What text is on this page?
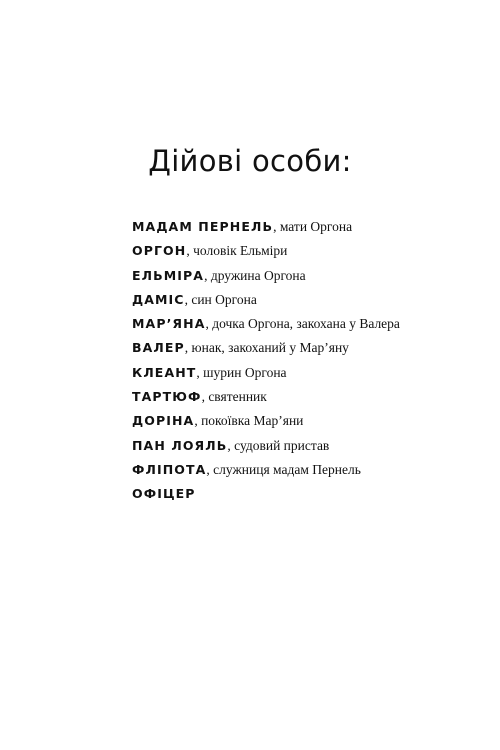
Дійові особи:
МАДАМ ПЕРНЕЛЬ, мати Оргона
ОРГОН, чоловік Ельміри
ЕЛЬМІРА, дружина Оргона
ДАМІС, син Оргона
МАР’ЯНА, дочка Оргона, закохана у Валера
ВАЛЕР, юнак, закоханий у Мар’яну
КЛЕАНТ, шурин Оргона
ТАРТЮФ, святенник
ДОРІНА, покоївка Мар’яни
ПАН ЛОЯЛЬ, судовий пристав
ФЛІПОТА, служниця мадам Пернель
ОФІЦЕР
